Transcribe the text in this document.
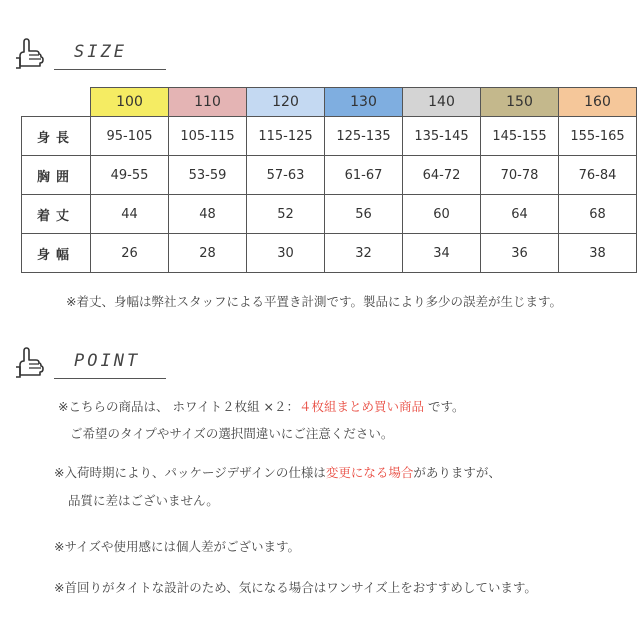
SIZE
	100	110	120	130	140	150	160
身長	95-105	105-115	115-125	125-135	135-145	145-155	155-165
胸囲	49-55	53-59	57-63	61-67	64-72	70-78	76-84
着丈	44	48	52	56	60	64	68
身幅	26	28	30	32	34	36	38
※着丈、身幅は弊社スタッフによる平置き計測です。製品により多少の誤差が生じます。
POINT
※こちらの商品は、 ホワイト２枚組 ×２：４枚組まとめ買い商品 です。
ご希望のタイプやサイズの選択間違いにご注意ください。
※入荷時期により、パッケージデザインの仕様は変更になる場合がありますが、
品質に差はございません。
※サイズや使用感には個人差がございます。
※首回りがタイトな設計のため、気になる場合はワンサイズ上をおすすめしています。
